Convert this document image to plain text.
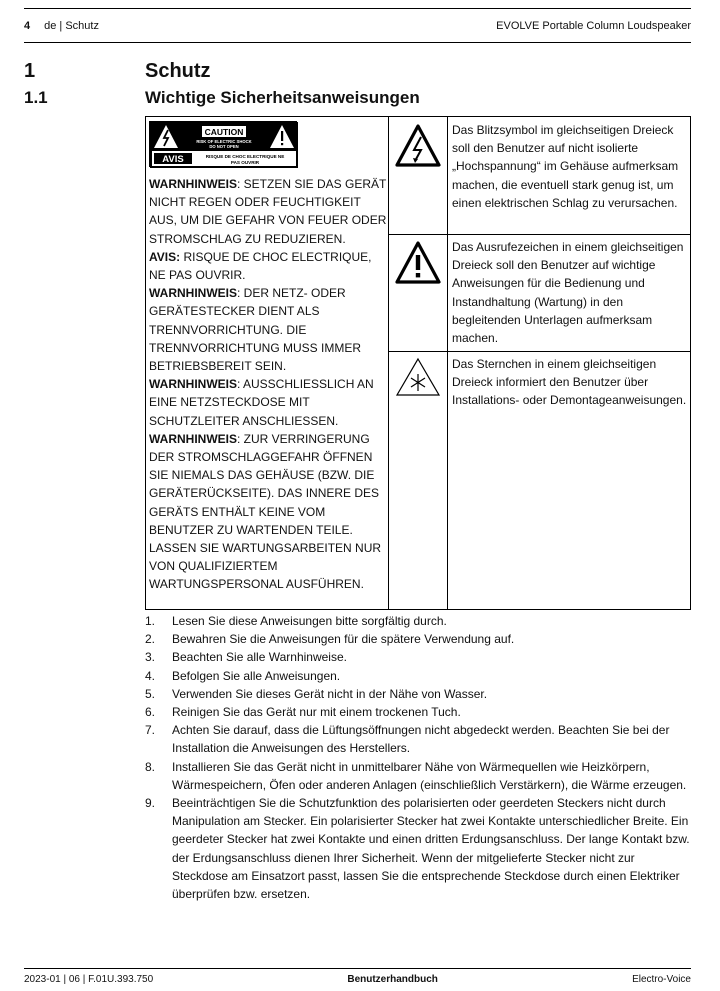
4 de | Schutz	EVOLVE Portable Column Loudspeaker
1	Schutz
1.1	Wichtige Sicherheitsanweisungen
CAUTION
RISK OF ELECTRIC SHOCK
DO NOT OPEN
AVIS	RISQUE DE CHOC ELECTRIQUE NE
PAS OUVRIR
WARNHINWEIS: SETZEN SIE DAS GERÄT NICHT REGEN ODER FEUCHTIGKEIT AUS, UM DIE GEFAHR VON FEUER ODER STROMSCHLAG ZU REDUZIEREN.
AVIS: RISQUE DE CHOC ELECTRIQUE, NE PAS OUVRIR.
WARNHINWEIS: DER NETZ- ODER GERÄTESTECKER DIENT ALS TRENNVORRICHTUNG. DIE TRENNVORRICHTUNG MUSS IMMER BETRIEBSBEREIT SEIN.
WARNHINWEIS: AUSSCHLIESSLICH AN EINE NETZSTECKDOSE MIT SCHUTZLEITER ANSCHLIESSEN.
WARNHINWEIS: ZUR VERRINGERUNG DER STROMSCHLAGGEFAHR ÖFFNEN SIE NIEMALS DAS GEHÄUSE (BZW. DIE GERÄTERÜCKSEITE). DAS INNERE DES GERÄTS ENTHÄLT KEINE VOM BENUTZER ZU WARTENDEN TEILE. LASSEN SIE WARTUNGSARBEITEN NUR VON QUALIFIZIERTEM WARTUNGSPERSONAL AUSFÜHREN.
Das Blitzsymbol im gleichseitigen Dreieck soll den Benutzer auf nicht isolierte „Hochspannung“ im Gehäuse aufmerksam machen, die eventuell stark genug ist, um einen elektrischen Schlag zu verursachen.
Das Ausrufezeichen in einem gleichseitigen Dreieck soll den Benutzer auf wichtige Anweisungen für die Bedienung und Instandhaltung (Wartung) in den begleitenden Unterlagen aufmerksam machen.
Das Sternchen in einem gleichseitigen Dreieck informiert den Benutzer über Installations- oder Demontageanweisungen.
1.	Lesen Sie diese Anweisungen bitte sorgfältig durch.
2.	Bewahren Sie die Anweisungen für die spätere Verwendung auf.
3.	Beachten Sie alle Warnhinweise.
4.	Befolgen Sie alle Anweisungen.
5.	Verwenden Sie dieses Gerät nicht in der Nähe von Wasser.
6.	Reinigen Sie das Gerät nur mit einem trockenen Tuch.
7.	Achten Sie darauf, dass die Lüftungsöffnungen nicht abgedeckt werden. Beachten Sie bei der Installation die Anweisungen des Herstellers.
8.	Installieren Sie das Gerät nicht in unmittelbarer Nähe von Wärmequellen wie Heizkörpern, Wärmespeichern, Öfen oder anderen Anlagen (einschließlich Verstärkern), die Wärme erzeugen.
9.	Beeinträchtigen Sie die Schutzfunktion des polarisierten oder geerdeten Steckers nicht durch Manipulation am Stecker. Ein polarisierter Stecker hat zwei Kontakte unterschiedlicher Breite. Ein geerdeter Stecker hat zwei Kontakte und einen dritten Erdungsanschluss. Der lange Kontakt bzw. der Erdungsanschluss dienen Ihrer Sicherheit. Wenn der mitgelieferte Stecker nicht zur Steckdose am Einsatzort passt, lassen Sie die entsprechende Steckdose durch einen Elektriker überprüfen bzw. ersetzen.
2023-01 | 06 | F.01U.393.750	Benutzerhandbuch	Electro-Voice
